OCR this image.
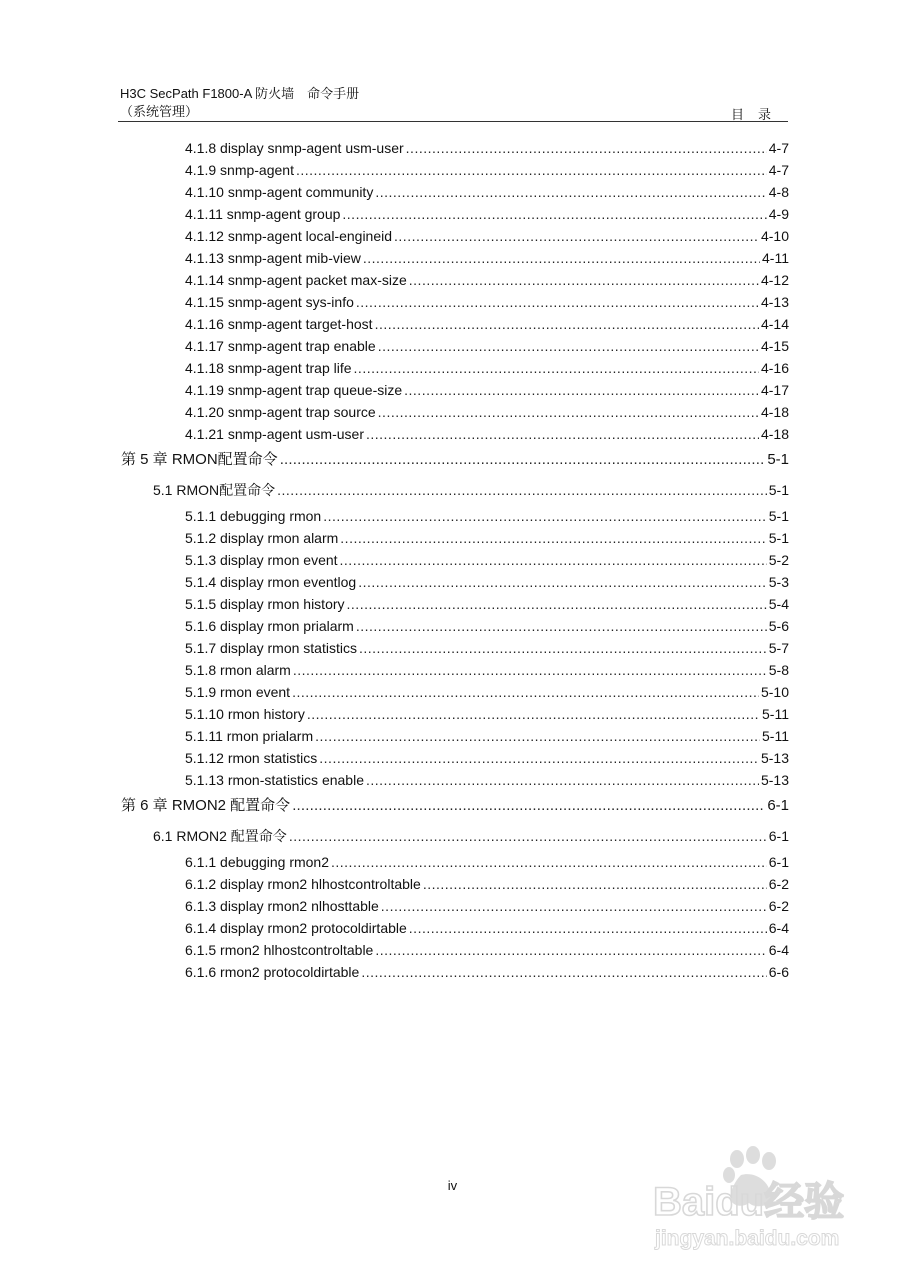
H3C SecPath F1800-A 防火墙　命令手册
（系统管理）	目录
4.1.8 display snmp-agent usm-user .....	4-7
4.1.9 snmp-agent .....	4-7
4.1.10 snmp-agent community .....	4-8
4.1.11 snmp-agent group .....	4-9
4.1.12 snmp-agent local-engineid .....	4-10
4.1.13 snmp-agent mib-view .....	4-11
4.1.14 snmp-agent packet max-size .....	4-12
4.1.15 snmp-agent sys-info .....	4-13
4.1.16 snmp-agent target-host .....	4-14
4.1.17 snmp-agent trap enable .....	4-15
4.1.18 snmp-agent trap life .....	4-16
4.1.19 snmp-agent trap queue-size .....	4-17
4.1.20 snmp-agent trap source .....	4-18
4.1.21 snmp-agent usm-user .....	4-18
第 5 章 RMON配置命令 .....	5-1
5.1 RMON配置命令 .....	5-1
5.1.1 debugging rmon .....	5-1
5.1.2 display rmon alarm .....	5-1
5.1.3 display rmon event .....	5-2
5.1.4 display rmon eventlog .....	5-3
5.1.5 display rmon history .....	5-4
5.1.6 display rmon prialarm .....	5-6
5.1.7 display rmon statistics .....	5-7
5.1.8 rmon alarm .....	5-8
5.1.9 rmon event .....	5-10
5.1.10 rmon history .....	5-11
5.1.11 rmon prialarm .....	5-11
5.1.12 rmon statistics .....	5-13
5.1.13 rmon-statistics enable .....	5-13
第 6 章 RMON2 配置命令 .....	6-1
6.1 RMON2 配置命令 .....	6-1
6.1.1 debugging rmon2 .....	6-1
6.1.2 display rmon2 hlhostcontroltable .....	6-2
6.1.3 display rmon2 nlhosttable .....	6-2
6.1.4 display rmon2 protocoldirtable .....	6-4
6.1.5 rmon2 hlhostcontroltable .....	6-4
6.1.6 rmon2 protocoldirtable .....	6-6
iv	Baidu经验
jingyan.baidu.com
